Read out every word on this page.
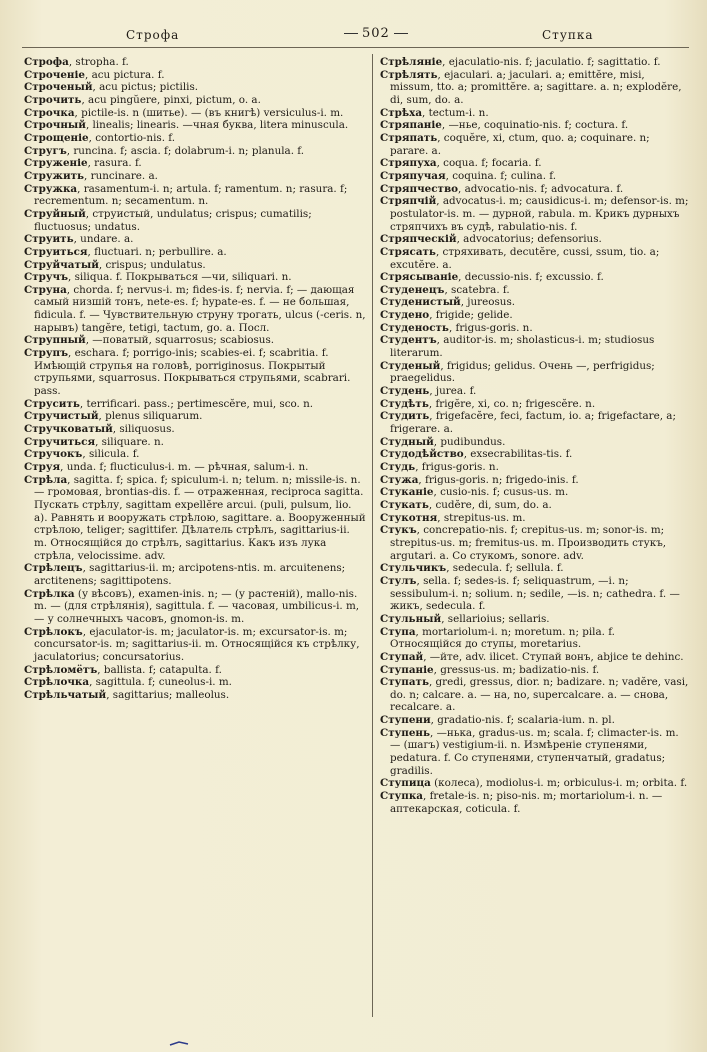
Строфа	502	Ступка

Строфа, stropha. f.

Строченіе, acu pictura. f.

Строченый, acu pictus; pictilis.

Строчить, acu pingŭere, pinxi, pictum, o. a.

Строчка, pictile-is. n (шитье). — (въ книгѣ) versiculus-i. m.

Строчный, linealis; linearis. —чная буква, litera minuscula.

Строщеніе, contortio-nis. f.

Стругъ, runcina. f; ascia. f; dolabrum-i. n; planula. f.

Струженіе, rasura. f.

Стружить, runcinare. a.

Стружка, rasamentum-i. n; artula. f; ramentum. n; rasura. f; recrementum. n; secamentum. n.

Струйный, струистый, undulatus; crispus; cumatilis; fluctuosus; undatus.

Струить, undare. a.

Струиться, fluctuari. n; perbullire. a.

Струйчатый, crispus; undulatus.

Стручъ, siliqua. f. Покрываться —чи, siliquari. n.

Струна, chorda. f; nervus-i. m; fides-is. f; nervia. f; — дающая самый низшій тонъ, nete-es. f; hypate-es. f. — не большая, fidicula. f. — Чувствительную струну трогать, ulcus (-ceris. n, нарывъ) tangĕre, tetigi, tactum, go. a. Посл.

Струпный, —поватый, squarrosus; scabiosus.

Струпъ, eschara. f; porrigo-inis; scabies-ei. f; scabritia. f. Имѣющій струпья на головѣ, porriginosus. Покрытый струпьями, squarrosus. Покрываться струпьями, scabrari. pass.

Струсить, terrificari. pass.; pertimescĕre, mui, sco. n.

Стручистый, plenus siliquarum.

Стручковатый, siliquosus.

Стручиться, siliquare. n.

Стручокъ, silicula. f.

Струя, unda. f; flucticulus-i. m. — рѣчная, salum-i. n.

Стрѣла, sagitta. f; spica. f; spiculum-i. n; telum. n; missile-is. n. — громовая, brontias-dis. f. — отраженная, reciproca sagitta. Пускать стрѣлу, sagittam expellĕre arcui. (puli, pulsum, lio. a). Равнять и вооружать стрѣлою, sagittare. a. Вооруженный стрѣлою, teliger; sagittifer. Дѣлатель стрѣлъ, sagittarius-ii. m. Относящійся до стрѣлъ, sagittarius. Какъ изъ лука стрѣла, velocissime. adv.

Стрѣлецъ, sagittarius-ii. m; arcipotens-ntis. m. arcuitenens; arctitenens; sagittipotens.

Стрѣлка (у вѣсовъ), examen-inis. n; — (у растеній), mallo-nis. m. — (для стрѣлянія), sagittula. f. — часовая, umbilicus-i. m, — у солнечныхъ часовъ, gnomon-is. m.

Стрѣлокъ, ejaculator-is. m; jaculator-is. m; excursator-is. m; concursator-is. m; sagittarius-ii. m. Относящійся къ стрѣлку, jaculatorius; concursatorius.

Стрѣломётъ, ballista. f; catapulta. f.

Стрѣлочка, sagittula. f; cuneolus-i. m.

Стрѣльчатый, sagittarius; malleolus.

Стрѣляніе, ejaculatio-nis. f; jaculatio. f; sagittatio. f.

Стрѣлять, ejaculari. a; jaculari. a; emittĕre, misi, missum, tto. a; promittĕre. a; sagittare. a. n; explodĕre, di, sum, do. a.

Стрѣха, tectum-i. n.

Стряпаніе, —нье, coquinatio-nis. f; coctura. f.

Стряпать, coquĕre, xi, ctum, quo. a; coquinare. n; parare. a.

Стряпуха, coqua. f; focaria. f.

Стряпучая, coquina. f; culina. f.

Стряпчество, advocatio-nis. f; advocatura. f.

Стряпчій, advocatus-i. m; causidicus-i. m; defensor-is. m; postulator-is. m. — дурной, rabula. m. Крикъ дурныхъ стряпчихъ въ судѣ, rabulatio-nis. f.

Стряпческій, advocatorius; defensorius.

Стрясать, стряхивать, decutĕre, cussi, ssum, tio. a; excutĕre. a.

Стрясываніе, decussio-nis. f; excussio. f.

Студенецъ, scatebra. f.

Студенистый, jureosus.

Студено, frigide; gelide.

Студеность, frigus-goris. n.

Студентъ, auditor-is. m; sholasticus-i. m; studiosus literarum.

Студеный, frigidus; gelidus. Очень —, perfrigidus; praegelidus.

Студень, jurea. f.

Студѣть, frigĕre, xi, co. n; frigescĕre. n.

Студить, frigefacĕre, feci, factum, io. a; frigefactare, a; frigerare. a.

Студный, pudibundus.

Студодѣйство, exsecrabilitas-tis. f.

Студь, frigus-goris. n.

Стужа, frigus-goris. n; frigedo-inis. f.

Стуканіе, cusio-nis. f; cusus-us. m.

Стукать, cudĕre, di, sum, do. a.

Стукотня, strepitus-us. m.

Стукъ, concrepatio-nis. f; crepitus-us. m; sonor-is. m; strepitus-us. m; fremitus-us. m. Производить стукъ, argutari. a. Со стукомъ, sonore. adv.

Стульчикъ, sedecula. f; sellula. f.

Стулъ, sella. f; sedes-is. f; seliquastrum, —i. n; sessibulum-i. n; solium. n; sedile, —is. n; cathedra. f. — жикъ, sedecula. f.

Стульный, sellarioius; sellaris.

Ступа, mortariolum-i. n; moretum. n; pila. f. Относящійся до ступы, moretarius.

Ступай, —йте, adv. ilicet. Ступай вонъ, abjice te dehinc.

Ступаніе, gressus-us. m; badizatio-nis. f.

Ступать, gredi, gressus, dior. n; badizare. n; vadĕre, vasi, do. n; calcare. a. — на, no, supercalcare. a. — снова, recalcare. a.

Ступени, gradatio-nis. f; scalaria-ium. n. pl.

Ступень, —нька, gradus-us. m; scala. f; climacter-is. m. — (шагъ) vestigium-ii. n. Измѣреніе ступенями, pedatura. f. Со ступенями, ступенчатый, gradatus; gradilis.

Ступица (колеса), modiolus-i. m; orbiculus-i. m; orbita. f.

Ступка, fretale-is. n; piso-nis. m; mortariolum-i. n. — аптекарская, coticula. f.
